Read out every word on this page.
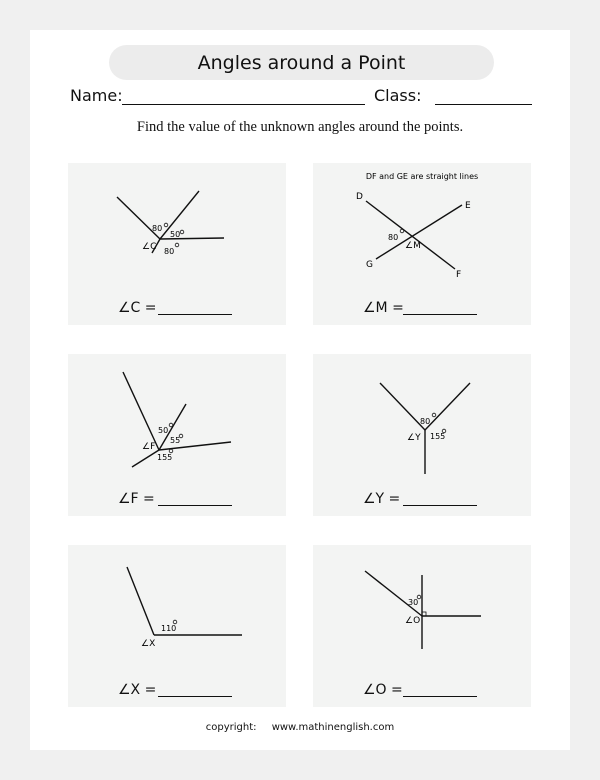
Angles around a Point
Name:	Class:
Find the value of the unknown angles around the points.
80
50
80
∠C
∠C =
DF and GE are straight lines
D
E
G
F
80
∠M
∠M =
50
55
155
∠F
∠F =
80
155
∠Y
∠Y =
110
∠X
∠X =
30
∠O
∠O =
copyright: www.mathinenglish.com
